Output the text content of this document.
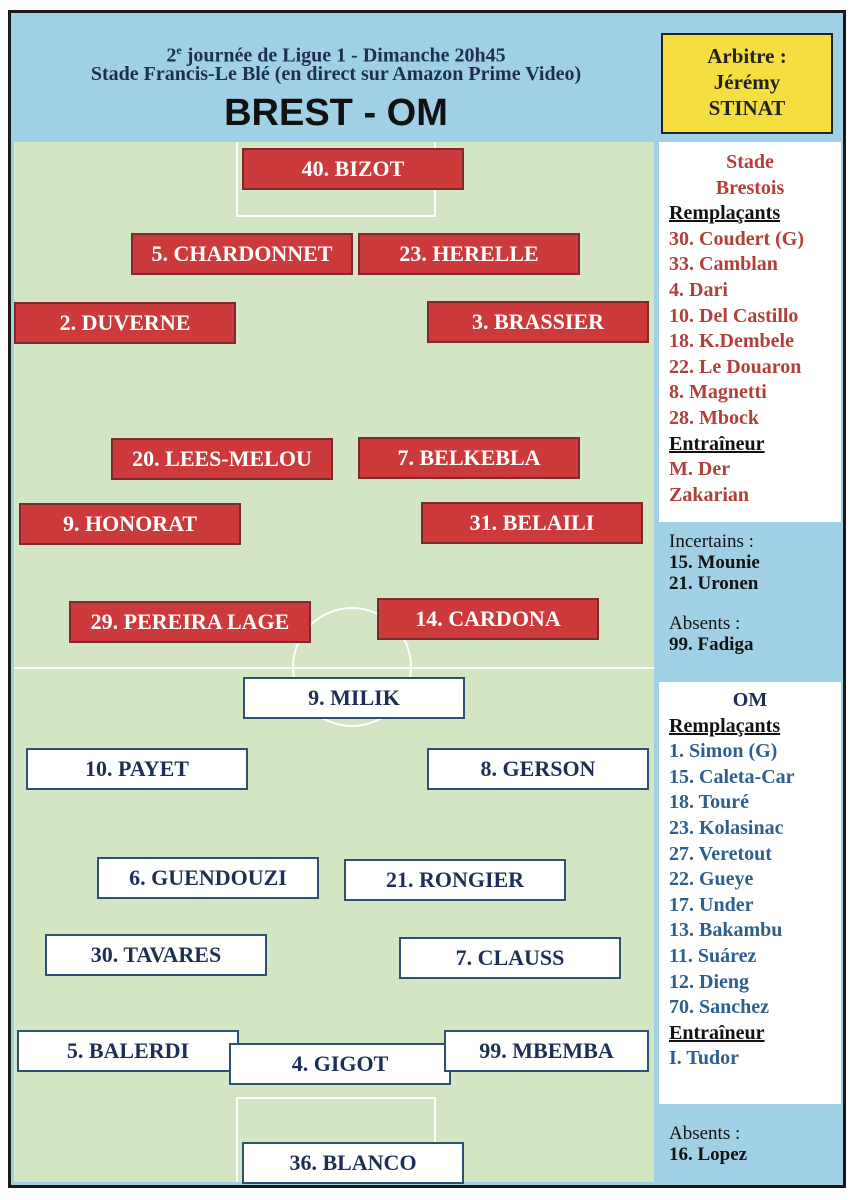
2e journée de Ligue 1 - Dimanche 20h45
Stade Francis-Le Blé (en direct sur Amazon Prime Video)
BREST - OM
Arbitre :
Jérémy
STINAT
40. BIZOT
5. CHARDONNET	23. HERELLE
2. DUVERNE	3. BRASSIER
20. LEES-MELOU	7. BELKEBLA
9. HONORAT	31. BELAILI
29. PEREIRA LAGE	14. CARDONA
9. MILIK
10. PAYET	8. GERSON
6. GUENDOUZI	21. RONGIER
30. TAVARES	7. CLAUSS
5. BALERDI
4. GIGOT
99. MBEMBA
36. BLANCO
Stade
Brestois
Remplaçants
30. Coudert (G)
33. Camblan
4. Dari
10. Del Castillo
18. K.Dembele
22. Le Douaron
8. Magnetti
28. Mbock
Entraîneur
M. Der
Zakarian
Incertains :
15. Mounie
21. Uronen
Absents :
99. Fadiga
OM
Remplaçants
1. Simon (G)
15. Caleta-Car
18. Touré
23. Kolasinac
27. Veretout
22. Gueye
17. Under
13. Bakambu
11. Suárez
12. Dieng
70. Sanchez
Entraîneur
I. Tudor
Absents :
16. Lopez
